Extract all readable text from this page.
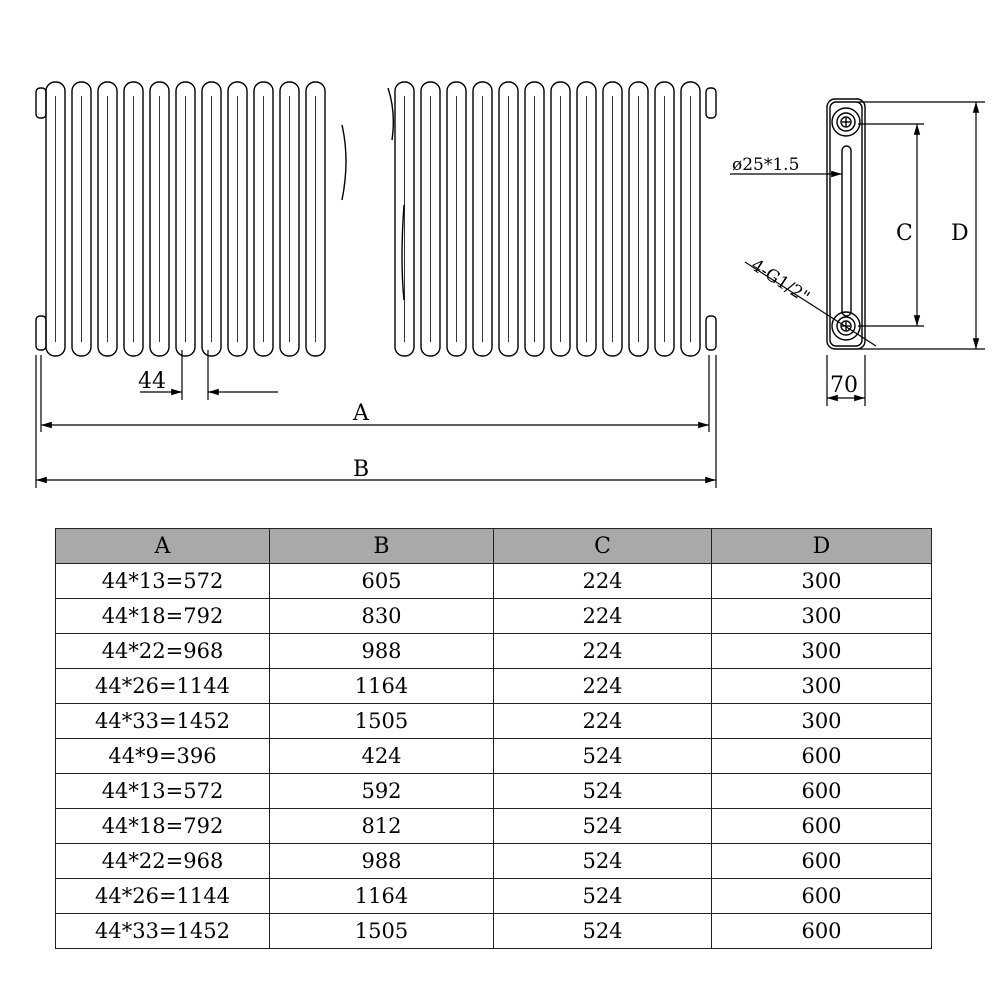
44
A
B
ø25*1.5
4-G1/2"
C D
70
A	B	C	D
44*13=572	605	224	300
44*18=792	830	224	300
44*22=968	988	224	300
44*26=1144	1164	224	300
44*33=1452	1505	224	300
44*9=396	424	524	600
44*13=572	592	524	600
44*18=792	812	524	600
44*22=968	988	524	600
44*26=1144	1164	524	600
44*33=1452	1505	524	600
